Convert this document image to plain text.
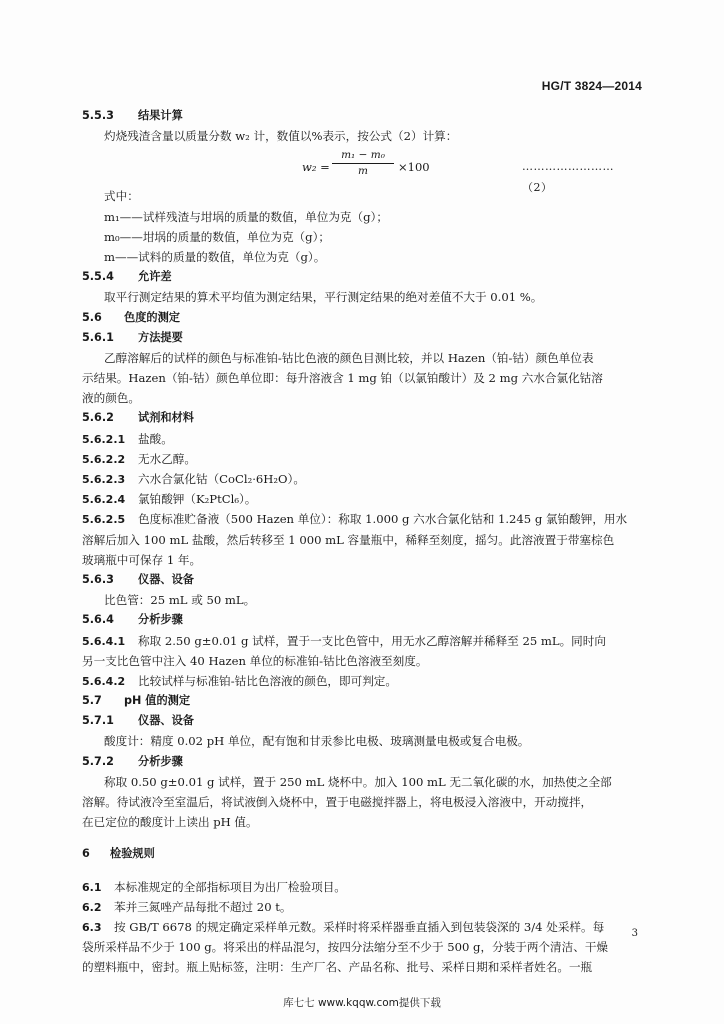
HG/T 3824—2014
5.5.3 结果计算
灼烧残渣含量以质量分数 w₂ 计，数值以%表示，按公式（2）计算：
$w_2 = \frac{\text{m₁ − m₀}}{m} \times 100$	……………………（2）
式中：
m₁——试样残渣与坩埚的质量的数值，单位为克（g）；
m₀——坩埚的质量的数值，单位为克（g）；
m——试料的质量的数值，单位为克（g）。
5.5.4 允许差
取平行测定结果的算术平均值为测定结果，平行测定结果的绝对差值不大于 0.01 %。
5.6 色度的测定
5.6.1 方法提要
乙醇溶解后的试样的颜色与标准铂-钴比色液的颜色目测比较，并以 Hazen（铂-钴）颜色单位表
示结果。Hazen（铂-钴）颜色单位即：每升溶液含 1 mg 铂（以氯铂酸计）及 2 mg 六水合氯化钴溶
液的颜色。
5.6.2 试剂和材料
5.6.2.1 盐酸。
5.6.2.2 无水乙醇。
5.6.2.3 六水合氯化钴（CoCl₂·6H₂O）。
5.6.2.4 氯铂酸钾（K₂PtCl₆）。
5.6.2.5 色度标准贮备液（500 Hazen 单位）：称取 1.000 g 六水合氯化钴和 1.245 g 氯铂酸钾，用水
溶解后加入 100 mL 盐酸，然后转移至 1 000 mL 容量瓶中，稀释至刻度，摇匀。此溶液置于带塞棕色
玻璃瓶中可保存 1 年。
5.6.3 仪器、设备
比色管：25 mL 或 50 mL。
5.6.4 分析步骤
5.6.4.1 称取 2.50 g±0.01 g 试样，置于一支比色管中，用无水乙醇溶解并稀释至 25 mL。同时向
另一支比色管中注入 40 Hazen 单位的标准铂-钴比色溶液至刻度。
5.6.4.2 比较试样与标准铂-钴比色溶液的颜色，即可判定。
5.7 pH 值的测定
5.7.1 仪器、设备
酸度计：精度 0.02 pH 单位，配有饱和甘汞参比电极、玻璃测量电极或复合电极。
5.7.2 分析步骤
称取 0.50 g±0.01 g 试样，置于 250 mL 烧杯中。加入 100 mL 无二氧化碳的水，加热使之全部
溶解。待试液冷至室温后，将试液倒入烧杯中，置于电磁搅拌器上，将电极浸入溶液中，开动搅拌，
在已定位的酸度计上读出 pH 值。
6 检验规则
6.1 本标准规定的全部指标项目为出厂检验项目。
6.2 苯并三氮唑产品每批不超过 20 t。
6.3 按 GB/T 6678 的规定确定采样单元数。采样时将采样器垂直插入到包装袋深的 3/4 处采样。每
袋所采样品不少于 100 g。将采出的样品混匀，按四分法缩分至不少于 500 g，分装于两个清洁、干燥
的塑料瓶中，密封。瓶上贴标签，注明：生产厂名、产品名称、批号、采样日期和采样者姓名。一瓶
3
库七七 www.kqqw.com提供下载
